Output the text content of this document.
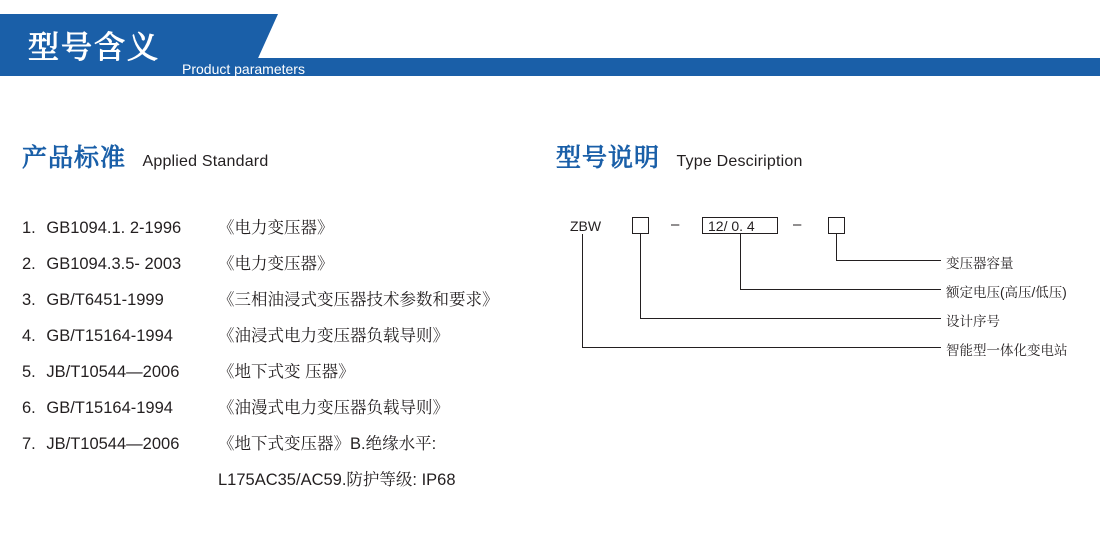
型号含义
Product parameters
产品标准 Applied Standard	型号说明 Type Desciription
1. GB1094.1. 2-1996	《电力变压器》
2. GB1094.3.5- 2003	《电力变压器》
3. GB/T6451-1999	《三相油浸式变压器技术参数和要求》
4. GB/T15164-1994	《油浸式电力变压器负载导则》
5. JB/T10544—2006	《地下式变 压器》
6. GB/T15164-1994	《油漫式电力变压器负载导则》
7. JB/T10544—2006	《地下式变压器》B.绝缘水平:
L175AC35/AC59.防护等级: IP68
ZBW	– 12/ 0. 4	–
变压器容量
额定电压(高压/低压)
设计序号
智能型一体化变电站
